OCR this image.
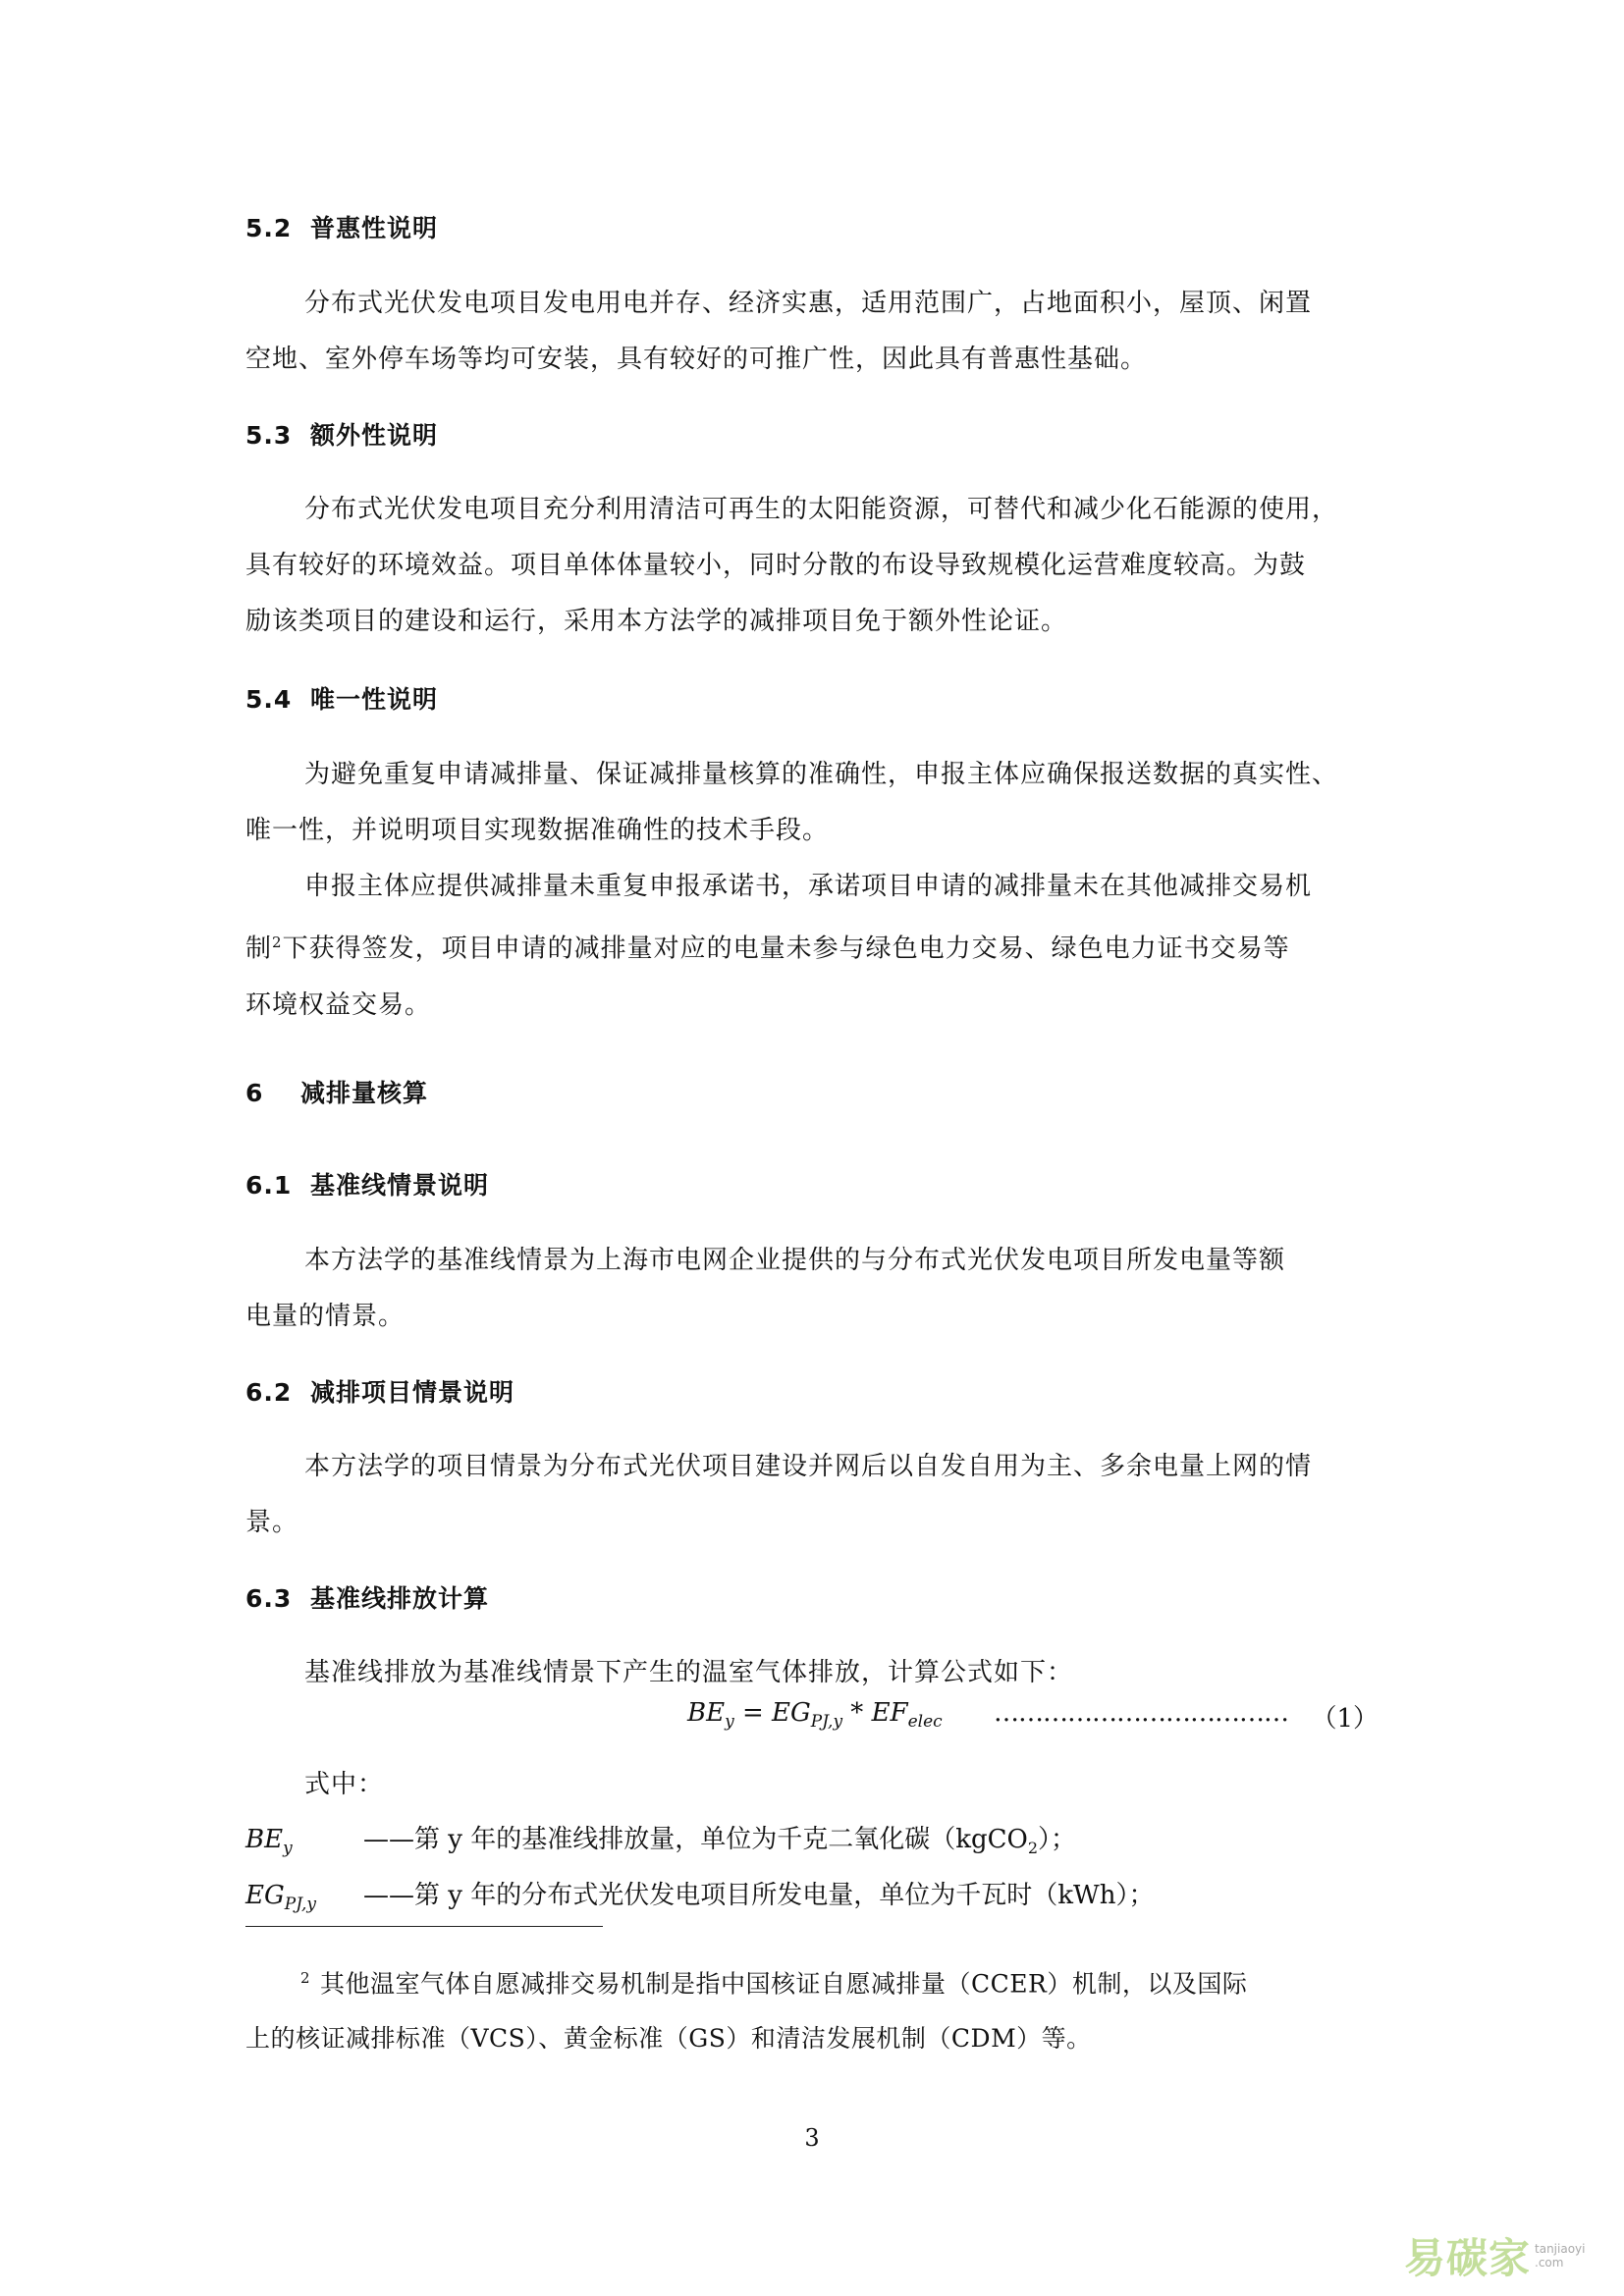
5.2 普惠性说明
分布式光伏发电项目发电用电并存、经济实惠，适用范围广，占地面积小，屋顶、闲置
空地、室外停车场等均可安装，具有较好的可推广性，因此具有普惠性基础。
5.3 额外性说明
分布式光伏发电项目充分利用清洁可再生的太阳能资源，可替代和减少化石能源的使用，
具有较好的环境效益。项目单体体量较小，同时分散的布设导致规模化运营难度较高。为鼓
励该类项目的建设和运行，采用本方法学的减排项目免于额外性论证。
5.4 唯一性说明
为避免重复申请减排量、保证减排量核算的准确性，申报主体应确保报送数据的真实性、
唯一性，并说明项目实现数据准确性的技术手段。
申报主体应提供减排量未重复申报承诺书，承诺项目申请的减排量未在其他减排交易机
制$^2$下获得签发，项目申请的减排量对应的电量未参与绿色电力交易、绿色电力证书交易等
环境权益交易。
6 减排量核算
6.1 基准线情景说明
本方法学的基准线情景为上海市电网企业提供的与分布式光伏发电项目所发电量等额
电量的情景。
6.2 减排项目情景说明
本方法学的项目情景为分布式光伏项目建设并网后以自发自用为主、多余电量上网的情
景。
6.3 基准线排放计算
基准线排放为基准线情景下产生的温室气体排放，计算公式如下：
$BE_y = EG_{PJ,y} * EF_{elec}$ ……………………………… （1）
式中：
$BE_y$	——第 y 年的基准线排放量，单位为千克二氧化碳（kgCO$_2$）；
$EG_{PJ,y}$ ——第 y 年的分布式光伏发电项目所发电量，单位为千瓦时（kWh）；
$^2$ 其他温室气体自愿减排交易机制是指中国核证自愿减排量（CCER）机制，以及国际
上的核证减排标准（VCS）、黄金标准（GS）和清洁发展机制（CDM）等。
3
易碳家 tanjiaoyi
.com
